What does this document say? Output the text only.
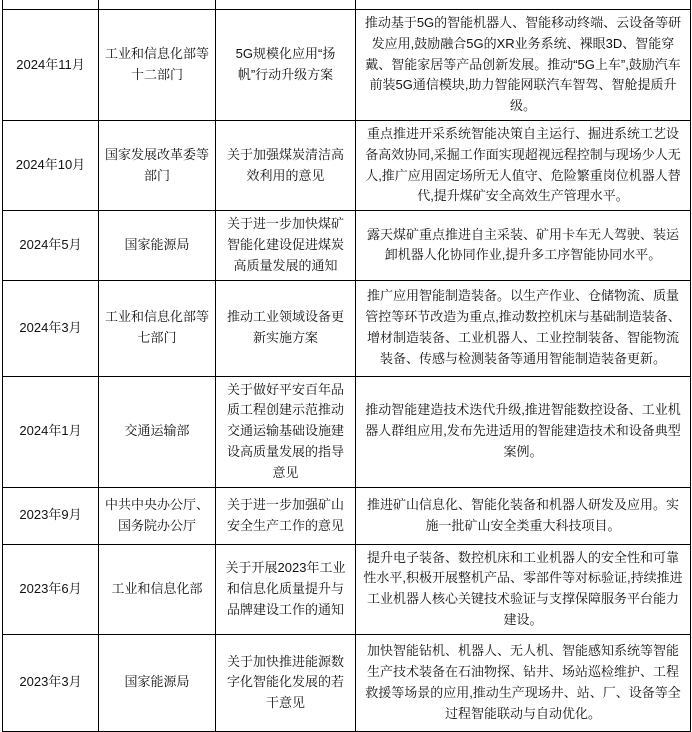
2024年11月	工业和信息化部等十二部门	5G规模化应用“扬帆”行动升级方案	推动基于5G的智能机器人、智能移动终端、云设备等研发应用,鼓励融合5G的XR业务系统、裸眼3D、智能穿戴、智能家居等产品创新发展。推动“5G上车”,鼓励汽车前装5G通信模块,助力智能网联汽车智驾、智舱提质升级。
2024年10月	国家发展改革委等部门	关于加强煤炭清洁高效利用的意见	重点推进开采系统智能决策自主运行、掘进系统工艺设备高效协同,采掘工作面实现超视远程控制与现场少人无人,推广应用固定场所无人值守、危险繁重岗位机器人替代,提升煤矿安全高效生产管理水平。
2024年5月	国家能源局	关于进一步加快煤矿智能化建设促进煤炭高质量发展的通知	露天煤矿重点推进自主采装、矿用卡车无人驾驶、装运卸机器人化协同作业,提升多工序智能协同水平。
2024年3月	工业和信息化部等七部门	推动工业领域设备更新实施方案	推广应用智能制造装备。以生产作业、仓储物流、质量管控等环节改造为重点,推动数控机床与基础制造装备、增材制造装备、工业机器人、工业控制装备、智能物流装备、传感与检测装备等通用智能制造装备更新。
2024年1月	交通运输部	关于做好平安百年品质工程创建示范推动交通运输基础设施建设高质量发展的指导意见	推动智能建造技术迭代升级,推进智能数控设备、工业机器人群组应用,发布先进适用的智能建造技术和设备典型案例。
2023年9月	中共中央办公厅、国务院办公厅	关于进一步加强矿山安全生产工作的意见	推进矿山信息化、智能化装备和机器人研发及应用。实施一批矿山安全类重大科技项目。
2023年6月	工业和信息化部	关于开展2023年工业和信息化质量提升与品牌建设工作的通知	提升电子装备、数控机床和工业机器人的安全性和可靠性水平,积极开展整机产品、零部件等对标验证,持续推进工业机器人核心关键技术验证与支撑保障服务平台能力建设。
2023年3月	国家能源局	关于加快推进能源数字化智能化发展的若干意见	加快智能钻机、机器人、无人机、智能感知系统等智能生产技术装备在石油物探、钻井、场站巡检维护、工程救援等场景的应用,推动生产现场井、站、厂、设备等全过程智能联动与自动优化。
